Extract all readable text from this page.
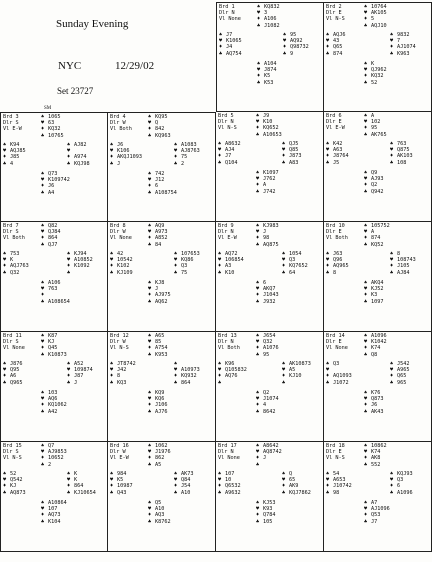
Sunday Evening
NYC	12/29/02
Set 23727
SM
Brd 1
Dlr N
Vl None
♠ KQ832
♥ 3
♦ A106
♣ J1082
♠ J7
♥ K1065
♦ J4
♣ AQ754
♠ 95
♥ AQ92
♦ Q98732
♣ 9
♠ A104
♥ J874
♦ K5
♣ K53
Brd 2
Dlr E
Vl N-S
♠ 10764
♥ AK105
♦ 5
♣ AQJ10
♠ AQJ6
♥ 43
♦ Q65
♣ 874
♠ 9832
♥ 7
♦ AJ1074
♣ K963
♠ K
♥ QJ962
♦ KQ32
♣ 52
Brd 3
Dlr S
Vl E-W
♠ 1065
♥ 63
♦ KQ32
♣ 10765
♠ K94
♥ AQJ85
♦ J85
♣ 4
♠ AJ82
♥
♦ A974
♣ KQJ98
♠ Q73
♥ K109742
♦ J6
♣ A4
Brd 4
Dlr W
Vl Both
♠ KQ95
♥ Q
♦ 842
♣ KQ963
♠ J6
♥ K106
♦ AKQJ1093
♣ J
♠ A1083
♥ AJ8763
♦ 75
♣ 2
♠ 742
♥ J12
♦ 6
♣ A108754
Brd 5
Dlr N
Vl N-S
♠ J9
♥ K10
♦ KQ652
♣ A10653
♠ A8632
♥ AJ4
♦ J7
♣ Q104
♠ QJ5
♥ Q85
♦ J873
♣ A83
♠ K1097
♥ J762
♦ A
♣ J742
Brd 6
Dlr E
Vl E-W
♠ A
♥ 102
♦ 95
♣ AK765
♠ K42
♥ A63
♦ J8764
♣ J5
♠ 763
♥ Q875
♦ AK103
♣ 108
♠ Q9
♥ AJ93
♦ Q2
♣ Q942
Brd 7
Dlr S
Vl Both
♠ Q82
♥ QJ84
♦ 864
♣ QJ7
♠ 753
♥ K
♦ AQJ763
♣ Q32
♠ KJ94
♥ A10852
♦ K1092
♣
♠ A106
♥ 763
♦
♣ A108654
Brd 8
Dlr W
Vl None
♠ AQ9
♥ A973
♦ A852
♣ 84
♠ 42
♥ 10542
♦ K102
♣ KJ109
♠ 107653
♥ KQ86
♦ Q3
♣ 75
♠ KJ8
♥ J
♦ AJ975
♣ AQ62
Brd 9
Dlr N
Vl E-W
♠ KJ983
♥ J
♦ 98
♣ AQ875
♠ AQ72
♥ 106854
♦ A3
♣ K10
♠ 1054
♥ Q3
♦ KQ7652
♣ 64
♠ 6
♥ AKQ7
♦ J1043
♣ J932
Brd 10
Dlr E
Vl Both
♠ 105752
♥ A
♦ 874
♣ KQ52
♠ J63
♥ Q96
♦ AQ965
♣ 8
♠ 8
♥ 108743
♦ J105
♣ AJ84
♠ AKQ4
♥ KJ52
♦ K3
♣ 1097
Brd 11
Dlr S
Vl None
♠ K87
♥ KJ
♦ Q45
♣ K10873
♠ J876
♥ Q95
♦ A6
♣ Q965
♠ A52
♥ 109874
♦ J87
♣ J
♠ 103
♥ AQ6
♦ KQ1062
♣ A42
Brd 12
Dlr W
Vl N-S
♠ A65
♥ 85
♦ A754
♣ K953
♠ JT8742
♥ J42
♦ 8
♣ KQ3
♠
♥ A10973
♦ KQ932
♣ 864
♠ KQ9
♥ KQ6
♦ J106
♣ AJ76
Brd 13
Dlr N
Vl Both
♠ J654
♥ Q32
♦ A1076
♣ 95
♠ K96
♥ Q105832
♦ AQ76
♣
♠ AK10873
♥ A5
♦ KJ10
♣
♠ Q2
♥ J1074
♦ 4
♣ 8642
Brd 14
Dlr E
Vl None
♠ A1096
♥ K1042
♦ K74
♣ Q8
♠ Q3
♥
♦ AQ1093
♣ J1072
♠ J542
♥ A965
♦ Q65
♣ 965
♠ K76
♥ Q873
♦ J6
♣ AK43
Brd 15
Dlr S
Vl N-S
♠ Q7
♥ AJ9853
♦ 10652
♣ 2
♠ 52
♥ Q542
♦ KJ
♣ AQ873
♠ K
♥ K
♦ 864
♣ KJ10654
♠ A10864
♥ 107
♦ AQ73
♣ K104
Brd 16
Dlr W
Vl E-W
♠ 1062
♥ J1976
♦ 862
♣ A5
♠ 984
♥ K5
♦ 10987
♣ Q43
♠ AK73
♥ Q84
♦ J54
♣ A10
♠ Q5
♥ A10
♦ AQ3
♣ K8762
Brd 17
Dlr N
Vl None
♠ A8642
♥ AQ8742
♦ J
♣
♠ 107
♥ 10
♦ Q6532
♣ A9632
♠ Q
♥ 65
♦ AK9
♣ KQJ7862
♠ KJ53
♥ K93
♦ Q784
♣ 105
Brd 18
Dlr E
Vl N-S
♠ 10862
♥ K74
♦ AK8
♣ 552
♠ 54
♥ A653
♦ J10742
♣ 98
♠ KQJ93
♥ Q3
♦ 6
♣ A1096
♠ A7
♥ AJ1096
♦ Q53
♣ J7
